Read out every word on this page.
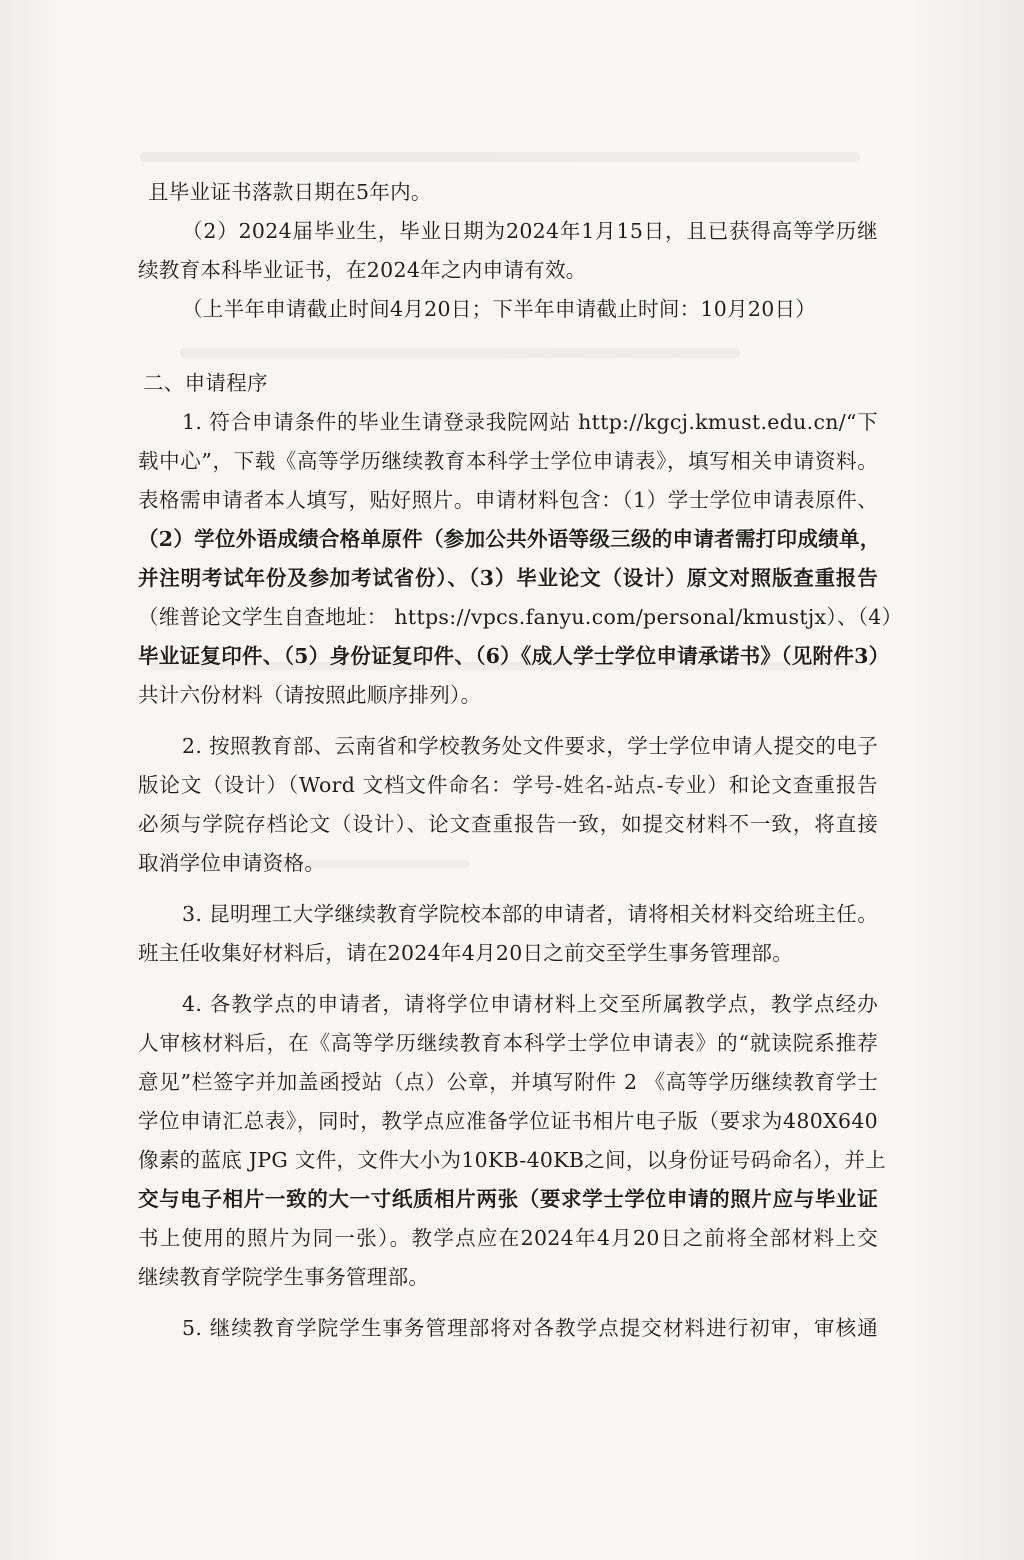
且毕业证书落款日期在5年内。
（2）2024届毕业生，毕业日期为2024年1月15日，且已获得高等学历继
续教育本科毕业证书，在2024年之内申请有效。
（上半年申请截止时间4月20日；下半年申请截止时间：10月20日）
二、申请程序
1. 符合申请条件的毕业生请登录我院网站 http://kgcj.kmust.edu.cn/“下
载中心”，下载《高等学历继续教育本科学士学位申请表》，填写相关申请资料。
表格需申请者本人填写，贴好照片。申请材料包含：（1）学士学位申请表原件、
（2）学位外语成绩合格单原件（参加公共外语等级三级的申请者需打印成绩单，
并注明考试年份及参加考试省份）、（3）毕业论文（设计）原文对照版查重报告
（维普论文学生自查地址： https://vpcs.fanyu.com/personal/kmustjx）、（4）
毕业证复印件、（5）身份证复印件、（6）《成人学士学位申请承诺书》（见附件3）
共计六份材料（请按照此顺序排列）。
2. 按照教育部、云南省和学校教务处文件要求，学士学位申请人提交的电子
版论文（设计）（Word 文档文件命名：学号-姓名-站点-专业）和论文查重报告
必须与学院存档论文（设计）、论文查重报告一致，如提交材料不一致，将直接
取消学位申请资格。
3. 昆明理工大学继续教育学院校本部的申请者，请将相关材料交给班主任。
班主任收集好材料后，请在2024年4月20日之前交至学生事务管理部。
4. 各教学点的申请者，请将学位申请材料上交至所属教学点，教学点经办
人审核材料后，在《高等学历继续教育本科学士学位申请表》的“就读院系推荐
意见”栏签字并加盖函授站（点）公章，并填写附件 2 《高等学历继续教育学士
学位申请汇总表》，同时，教学点应准备学位证书相片电子版（要求为480X640
像素的蓝底 JPG 文件，文件大小为10KB-40KB之间，以身份证号码命名），并上
交与电子相片一致的大一寸纸质相片两张（要求学士学位申请的照片应与毕业证
书上使用的照片为同一张）。教学点应在2024年4月20日之前将全部材料上交
继续教育学院学生事务管理部。
5. 继续教育学院学生事务管理部将对各教学点提交材料进行初审，审核通
